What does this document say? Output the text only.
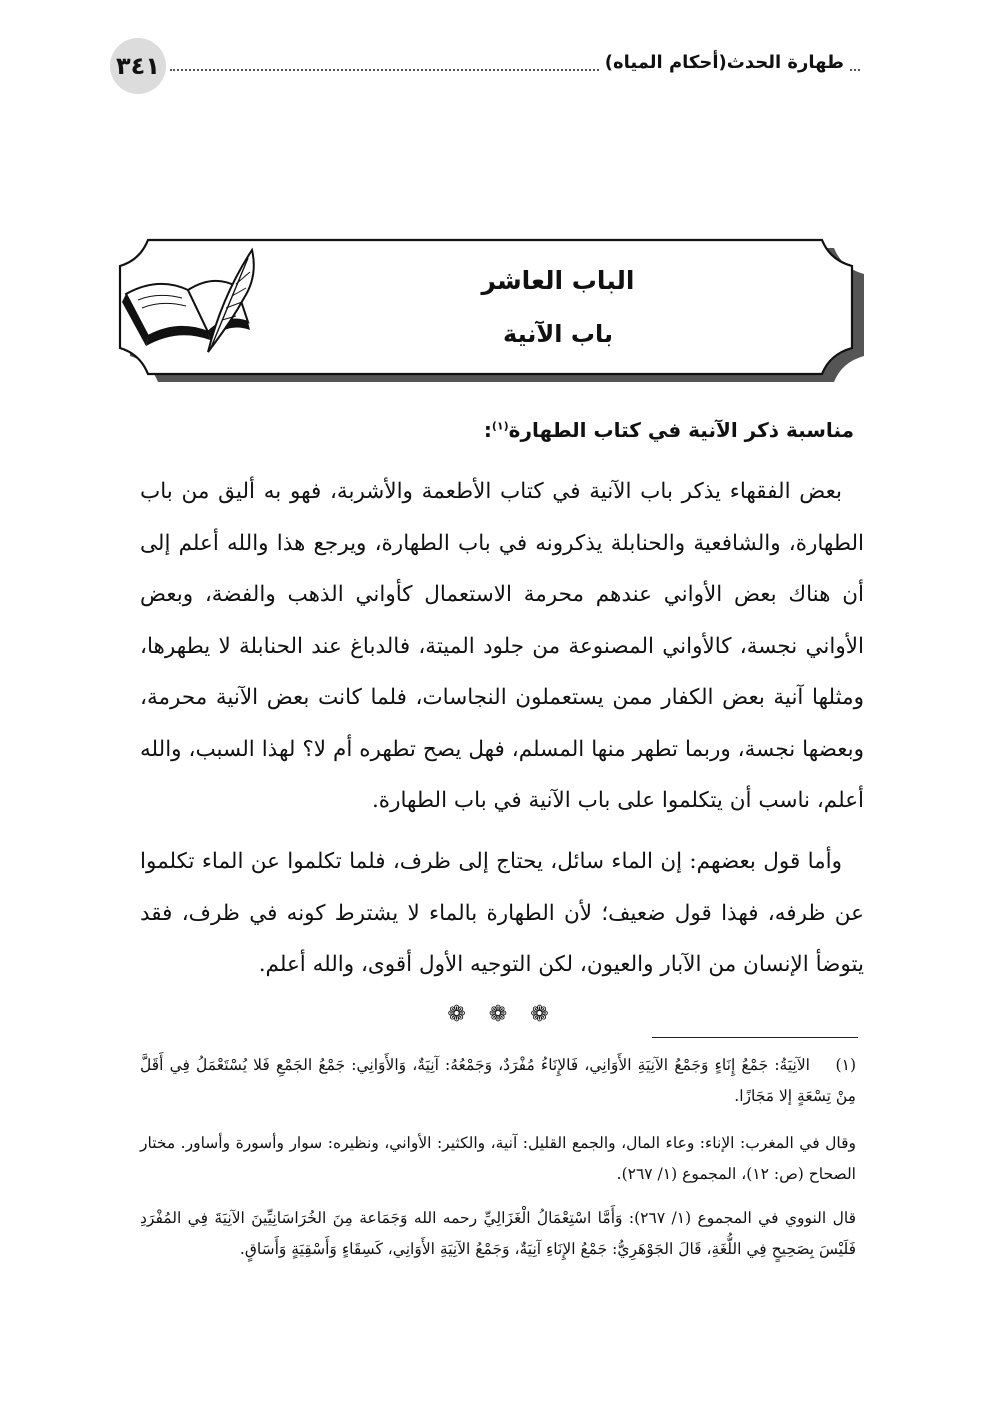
٣٤١	طهارة الحدث
(أحكام المياه)
الباب العاشر
باب الآنية
مناسبة ذكر الآنية في كتاب الطهارة$^{(١)}$:

بعض الفقهاء يذكر باب الآنية في كتاب الأطعمة والأشربة، فهو به أليق من باب الطهارة، والشافعية والحنابلة يذكرونه في باب الطهارة، ويرجع هذا والله أعلم إلى أن هناك بعض الأواني عندهم محرمة الاستعمال كأواني الذهب والفضة، وبعض الأواني نجسة، كالأواني المصنوعة من جلود الميتة، فالدباغ عند الحنابلة لا يطهرها، ومثلها آنية بعض الكفار ممن يستعملون النجاسات، فلما كانت بعض الآنية محرمة، وبعضها نجسة، وربما تطهر منها المسلم، فهل يصح تطهره أم لا؟ لهذا السبب، والله أعلم، ناسب أن يتكلموا على باب الآنية في باب الطهارة.

وأما قول بعضهم: إن الماء سائل، يحتاج إلى ظرف، فلما تكلموا عن الماء تكلموا عن ظرفه، فهذا قول ضعيف؛ لأن الطهارة بالماء لا يشترط كونه في ظرف، فقد يتوضأ الإنسان من الآبار والعيون، لكن التوجيه الأول أقوى، والله أعلم.

❁ ❁ ❁
(١)الآنِيَةُ: جَمْعُ إِنَاءٍ وَجَمْعُ الآنِيَةِ الأَوَانِي، فَالإِنَاءُ مُفْرَدٌ، وَجَمْعُهُ: آنِيَةٌ، وَالأَوَانِي: جَمْعُ الجَمْعِ فَلا يُسْتَعْمَلُ فِي أَقَلَّ مِنْ تِسْعَةٍ إلا مَجَازًا.
وقال في المغرب: الإناء: وعاء المال، والجمع القليل: آنية، والكثير: الأواني، ونظيره: سوار وأسورة وأساور. مختار الصحاح (ص: ١٢)، المجموع (١/ ٢٦٧).
قال النووي في المجموع (١/ ٢٦٧): وَأَمَّا اسْتِعْمَالُ الْغَزَالِيِّ رحمه الله وَجَمَاعة مِنَ الخُرَاسَانِيِّينَ الآنِيَةَ فِي المُفْرَدِ فَلَيْسَ بِصَحِيحٍ فِي اللُّغَةِ، قَالَ الجَوْهَرِيُّ: جَمْعُ الإِنَاءِ آنِيَةٌ، وَجَمْعُ الآنِيَةِ الأَوَانِي، كَسِقَاءٍ وَأَسْقِيَةٍ وَأَسَاقٍ.
